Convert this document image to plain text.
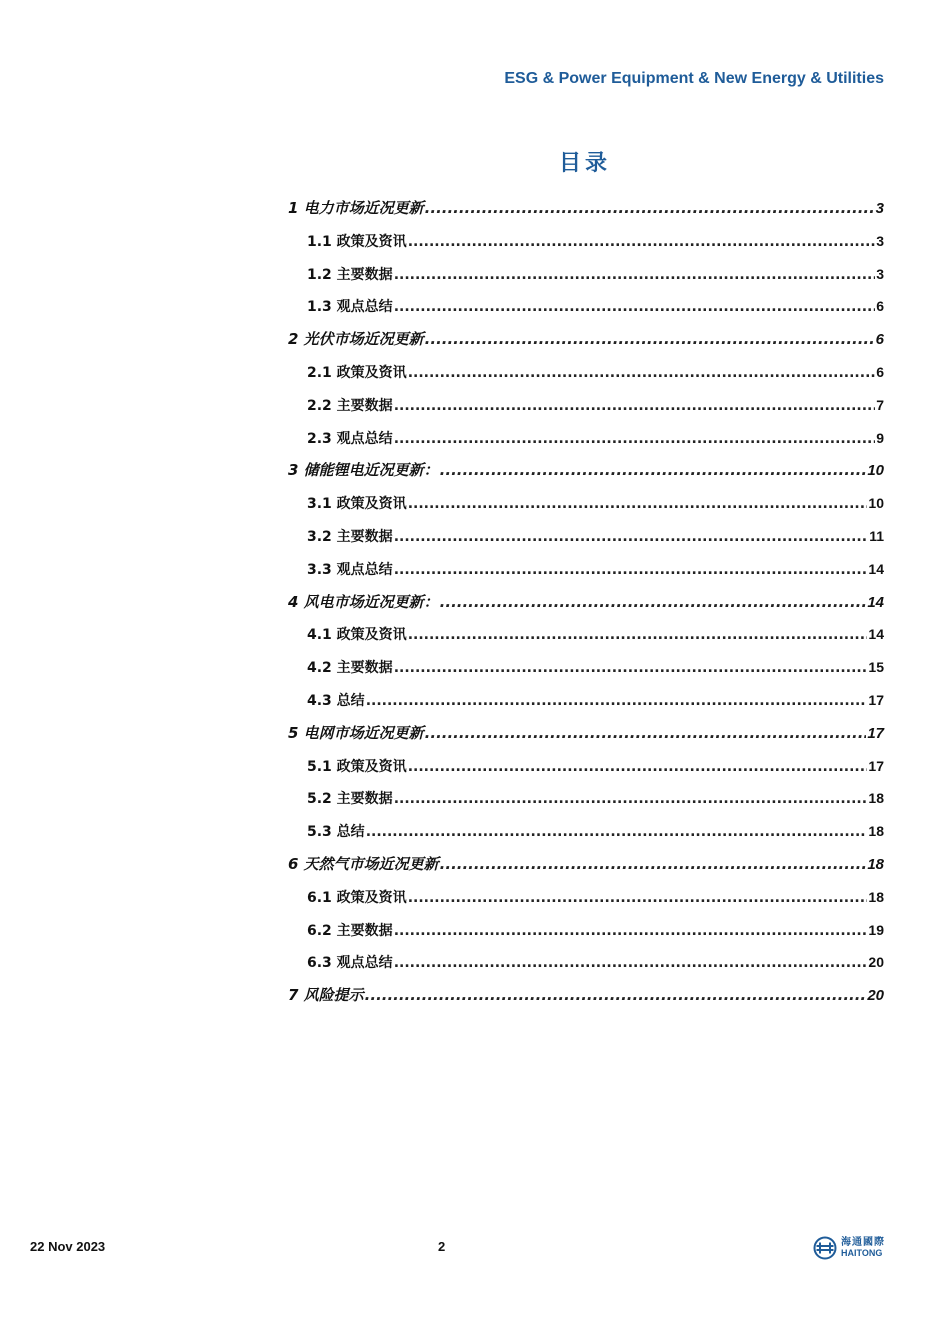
ESG & Power Equipment & New Energy & Utilities
目录
1 电力市场近况更新 .....	3
1.1 政策及资讯 .....	3
1.2 主要数据 .....	3
1.3 观点总结 .....	6
2 光伏市场近况更新 .....	6
2.1 政策及资讯 .....	6
2.2 主要数据 .....	7
2.3 观点总结 .....	9
3 储能锂电近况更新： .....	10
3.1 政策及资讯 .....	10
3.2 主要数据 .....	11
3.3 观点总结 .....	14
4 风电市场近况更新： .....	14
4.1 政策及资讯 .....	14
4.2 主要数据 .....	15
4.3 总结 .....	17
5 电网市场近况更新 .....	17
5.1 政策及资讯 .....	17
5.2 主要数据 .....	18
5.3 总结 .....	18
6 天然气市场近况更新 .....	18
6.1 政策及资讯 .....	18
6.2 主要数据 .....	19
6.3 观点总结 .....	20
7 风险提示 .....	20
22 Nov 2023	2	海通國際
HAITONG
